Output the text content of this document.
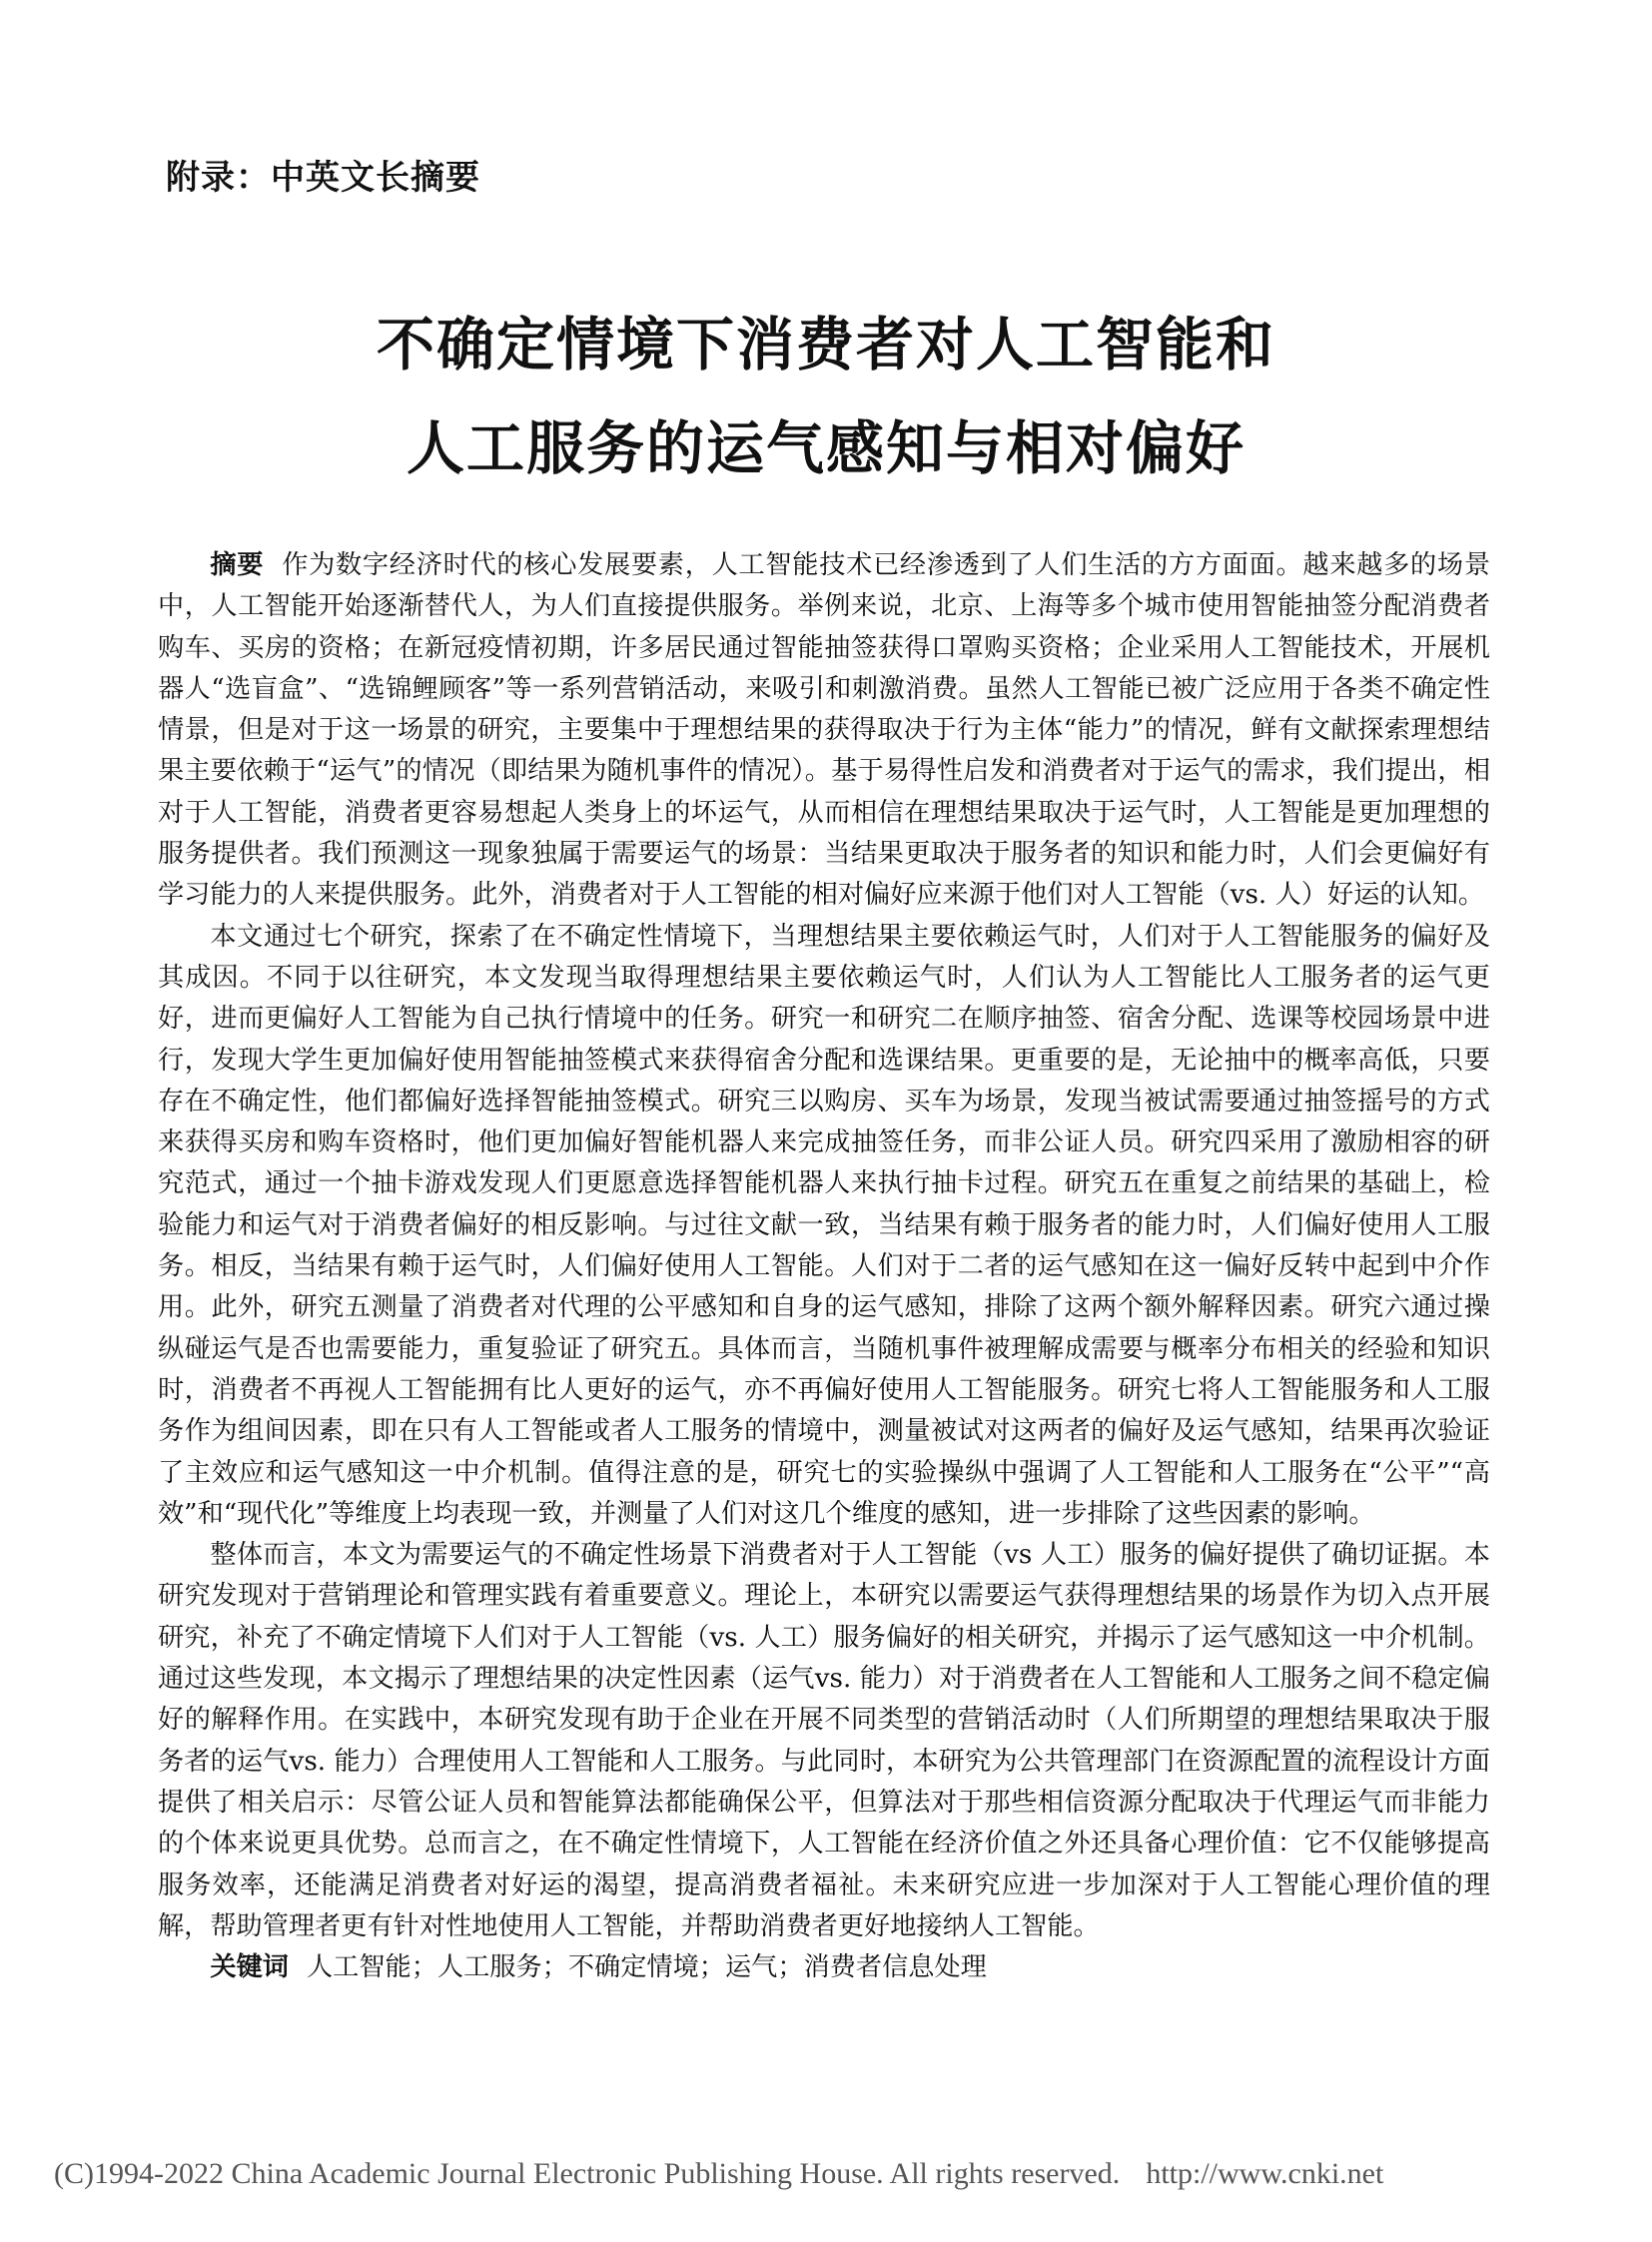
附录：中英文长摘要
不确定情境下消费者对人工智能和
人工服务的运气感知与相对偏好

摘要 作为数字经济时代的核心发展要素，人工智能技术已经渗透到了人们生活的方方面面。越来越多的场景中，人工智能开始逐渐替代人，为人们直接提供服务。举例来说，北京、上海等多个城市使用智能抽签分配消费者购车、买房的资格；在新冠疫情初期，许多居民通过智能抽签获得口罩购买资格；企业采用人工智能技术，开展机器人“选盲盒”、“选锦鲤顾客”等一系列营销活动，来吸引和刺激消费。虽然人工智能已被广泛应用于各类不确定性情景，但是对于这一场景的研究，主要集中于理想结果的获得取决于行为主体“能力”的情况，鲜有文献探索理想结果主要依赖于“运气”的情况（即结果为随机事件的情况）。基于易得性启发和消费者对于运气的需求，我们提出，相对于人工智能，消费者更容易想起人类身上的坏运气，从而相信在理想结果取决于运气时，人工智能是更加理想的服务提供者。我们预测这一现象独属于需要运气的场景：当结果更取决于服务者的知识和能力时，人们会更偏好有学习能力的人来提供服务。此外，消费者对于人工智能的相对偏好应来源于他们对人工智能（vs. 人）好运的认知。

本文通过七个研究，探索了在不确定性情境下，当理想结果主要依赖运气时，人们对于人工智能服务的偏好及其成因。不同于以往研究，本文发现当取得理想结果主要依赖运气时，人们认为人工智能比人工服务者的运气更好，进而更偏好人工智能为自己执行情境中的任务。研究一和研究二在顺序抽签、宿舍分配、选课等校园场景中进行，发现大学生更加偏好使用智能抽签模式来获得宿舍分配和选课结果。更重要的是，无论抽中的概率高低，只要存在不确定性，他们都偏好选择智能抽签模式。研究三以购房、买车为场景，发现当被试需要通过抽签摇号的方式来获得买房和购车资格时，他们更加偏好智能机器人来完成抽签任务，而非公证人员。研究四采用了激励相容的研究范式，通过一个抽卡游戏发现人们更愿意选择智能机器人来执行抽卡过程。研究五在重复之前结果的基础上，检验能力和运气对于消费者偏好的相反影响。与过往文献一致，当结果有赖于服务者的能力时，人们偏好使用人工服务。相反，当结果有赖于运气时，人们偏好使用人工智能。人们对于二者的运气感知在这一偏好反转中起到中介作用。此外，研究五测量了消费者对代理的公平感知和自身的运气感知，排除了这两个额外解释因素。研究六通过操纵碰运气是否也需要能力，重复验证了研究五。具体而言，当随机事件被理解成需要与概率分布相关的经验和知识时，消费者不再视人工智能拥有比人更好的运气，亦不再偏好使用人工智能服务。研究七将人工智能服务和人工服务作为组间因素，即在只有人工智能或者人工服务的情境中，测量被试对这两者的偏好及运气感知，结果再次验证了主效应和运气感知这一中介机制。值得注意的是，研究七的实验操纵中强调了人工智能和人工服务在“公平”“高效”和“现代化”等维度上均表现一致，并测量了人们对这几个维度的感知，进一步排除了这些因素的影响。

整体而言，本文为需要运气的不确定性场景下消费者对于人工智能（vs 人工）服务的偏好提供了确切证据。本研究发现对于营销理论和管理实践有着重要意义。理论上，本研究以需要运气获得理想结果的场景作为切入点开展研究，补充了不确定情境下人们对于人工智能（vs. 人工）服务偏好的相关研究，并揭示了运气感知这一中介机制。通过这些发现，本文揭示了理想结果的决定性因素（运气vs. 能力）对于消费者在人工智能和人工服务之间不稳定偏好的解释作用。在实践中，本研究发现有助于企业在开展不同类型的营销活动时（人们所期望的理想结果取决于服务者的运气vs. 能力）合理使用人工智能和人工服务。与此同时，本研究为公共管理部门在资源配置的流程设计方面提供了相关启示：尽管公证人员和智能算法都能确保公平，但算法对于那些相信资源分配取决于代理运气而非能力的个体来说更具优势。总而言之，在不确定性情境下，人工智能在经济价值之外还具备心理价值：它不仅能够提高服务效率，还能满足消费者对好运的渴望，提高消费者福祉。未来研究应进一步加深对于人工智能心理价值的理解，帮助管理者更有针对性地使用人工智能，并帮助消费者更好地接纳人工智能。

关键词 人工智能；人工服务；不确定情境；运气；消费者信息处理

(C)1994-2022 China Academic Journal Electronic Publishing House. All rights reserved. http://www.cnki.net
